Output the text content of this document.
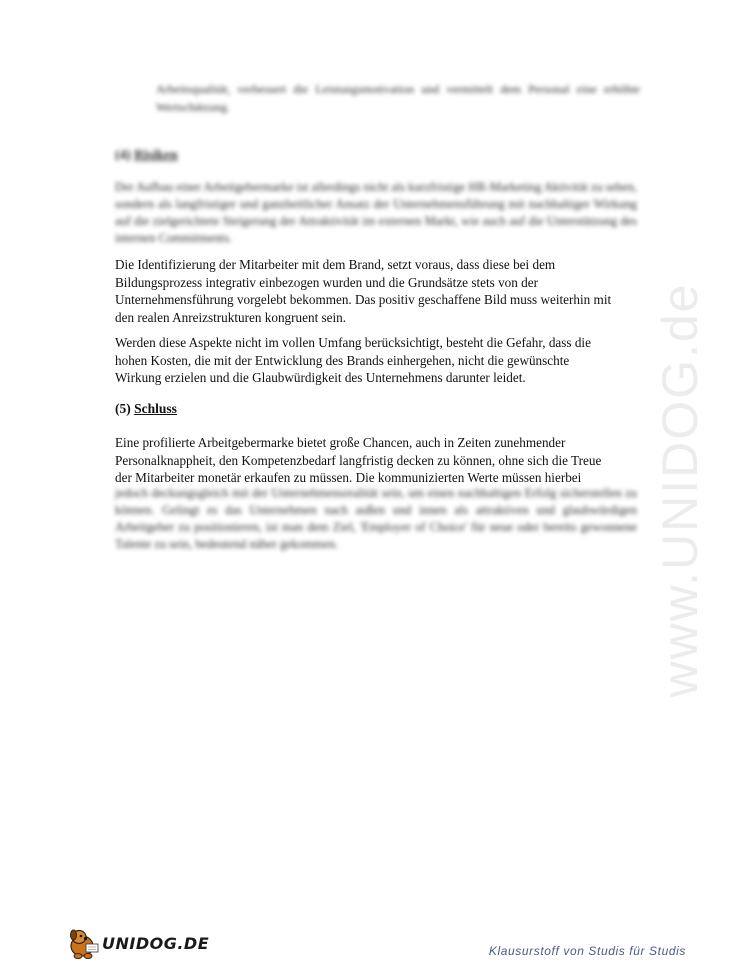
www.UNIDOG.de
Arbeitsqualität, verbessert die Leistungsmotivation und vermittelt dem Personal eine erhöhte Wertschätzung.
(4) Risiken
Der Aufbau einer Arbeitgebermarke ist allerdings nicht als kurzfristige HR-Marketing Aktivität zu sehen, sondern als langfristiger und ganzheitlicher Ansatz der Unternehmensführung mit nachhaltiger Wirkung auf die zielgerichtete Steigerung der Attraktivität im externen Markt, wie auch auf die Unterstützung des internen Commitments.
Die Identifizierung der Mitarbeiter mit dem Brand, setzt voraus, dass diese bei dem
Bildungsprozess integrativ einbezogen wurden und die Grundsätze stets von der
Unternehmensführung vorgelebt bekommen. Das positiv geschaffene Bild muss weiterhin mit
den realen Anreizstrukturen kongruent sein.
Werden diese Aspekte nicht im vollen Umfang berücksichtigt, besteht die Gefahr, dass die
hohen Kosten, die mit der Entwicklung des Brands einhergehen, nicht die gewünschte
Wirkung erzielen und die Glaubwürdigkeit des Unternehmens darunter leidet.
(5) Schluss
Eine profilierte Arbeitgebermarke bietet große Chancen, auch in Zeiten zunehmender
Personalknappheit, den Kompetenzbedarf langfristig decken zu können, ohne sich die Treue
der Mitarbeiter monetär erkaufen zu müssen. Die kommunizierten Werte müssen hierbei
jedoch deckungsgleich mit der Unternehmensrealität sein, um einen nachhaltigen Erfolg sicherstellen zu können. Gelingt es das Unternehmen nach außen und innen als attraktiven und glaubwürdigen Arbeitgeber zu positionieren, ist man dem Ziel, 'Employer of Choice' für neue oder bereits gewonnene Talente zu sein, bedeutend näher gekommen.
UNIDOG.DE	Klausurstoff von Studis für Studis
